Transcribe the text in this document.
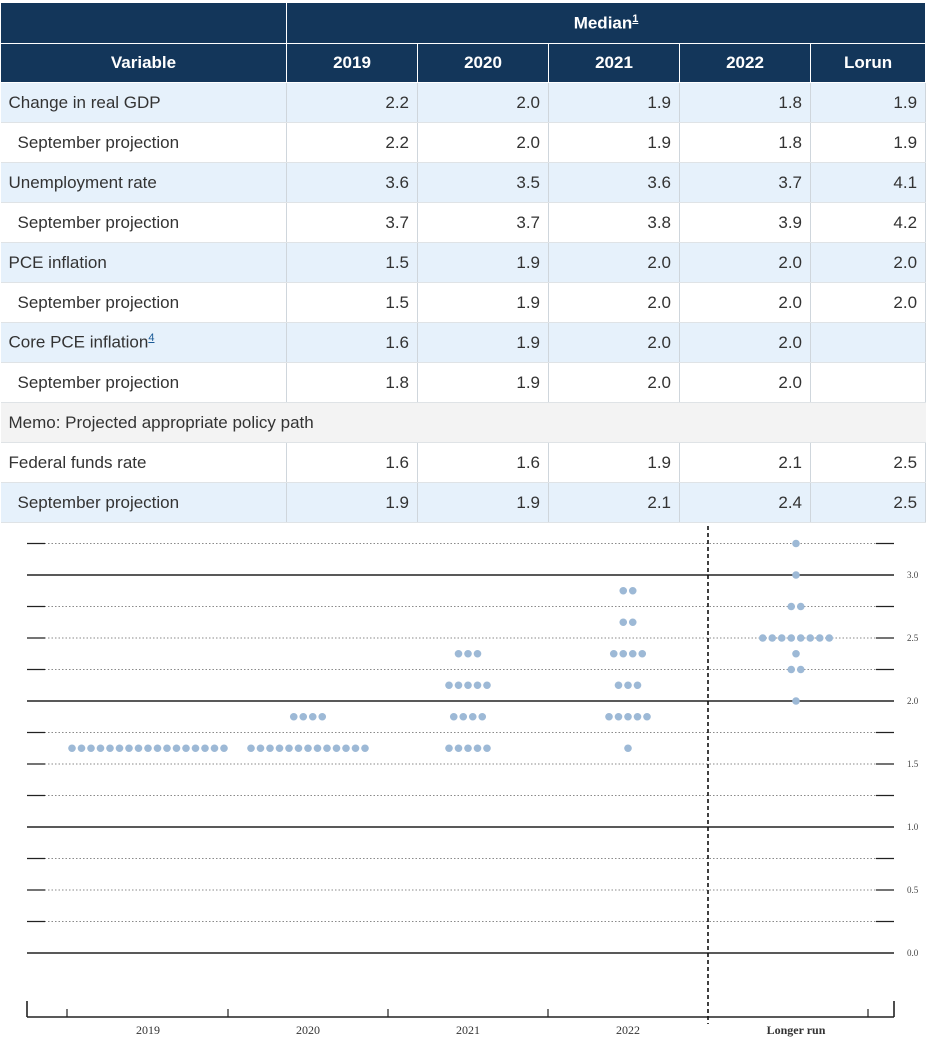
	Median$^1$
Variable	2019	2020	2021	2022	Lorun
Change in real GDP	2.2	2.0	1.9	1.8	1.9
September projection	2.2	2.0	1.9	1.8	1.9
Unemployment rate	3.6	3.5	3.6	3.7	4.1
September projection	3.7	3.7	3.8	3.9	4.2
PCE inflation	1.5	1.9	2.0	2.0	2.0
September projection	1.5	1.9	2.0	2.0	2.0
Core PCE inflation$^4$	1.6	1.9	2.0	2.0	
September projection	1.8	1.9	2.0	2.0	
Memo: Projected appropriate policy path					
Federal funds rate	1.6	1.6	1.9	2.1	2.5
September projection	1.9	1.9	2.1	2.4	2.5
2019	2020	2021	2022	Longer run
0.0
0.5
1.0
1.5
2.0
2.5
3.0
